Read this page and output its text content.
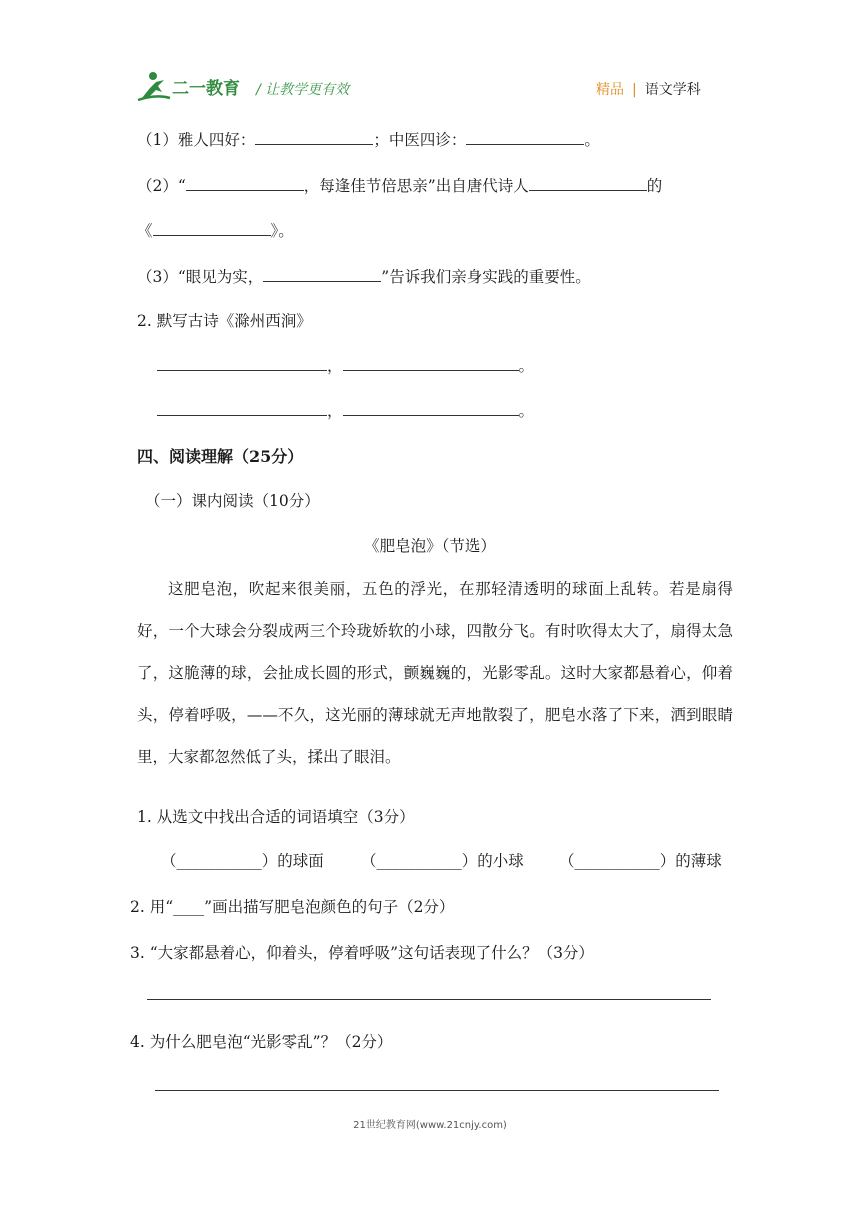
二一教育 / 让教学更有效	精品 | 语文学科
（1）雅人四好：	；中医四诊：	。
（2）“	，每逢佳节倍思亲”出自唐代诗人	的
《	》。
（3）“眼见为实，	”告诉我们亲身实践的重要性。
2. 默写古诗《滁州西涧》
，	。
，	。
四、阅读理解（25分）
（一）课内阅读（10分）
《肥皂泡》（节选）
这肥皂泡，吹起来很美丽，五色的浮光，在那轻清透明的球面上乱转。若是扇得好，一个大球会分裂成两三个玲珑娇软的小球，四散分飞。有时吹得太大了，扇得太急了，这脆薄的球，会扯成长圆的形式，颤巍巍的，光影零乱。这时大家都悬着心，仰着头，停着呼吸，——不久，这光丽的薄球就无声地散裂了，肥皂水落了下来，洒到眼睛里，大家都忽然低了头，揉出了眼泪。
1. 从选文中找出合适的词语填空（3分）
（___________）的球面 （___________）的小球 （___________）的薄球
2. 用“____”画出描写肥皂泡颜色的句子（2分）
3. “大家都悬着心，仰着头，停着呼吸”这句话表现了什么？（3分）
4. 为什么肥皂泡“光影零乱”？（2分）
21世纪教育网(www.21cnjy.com)
